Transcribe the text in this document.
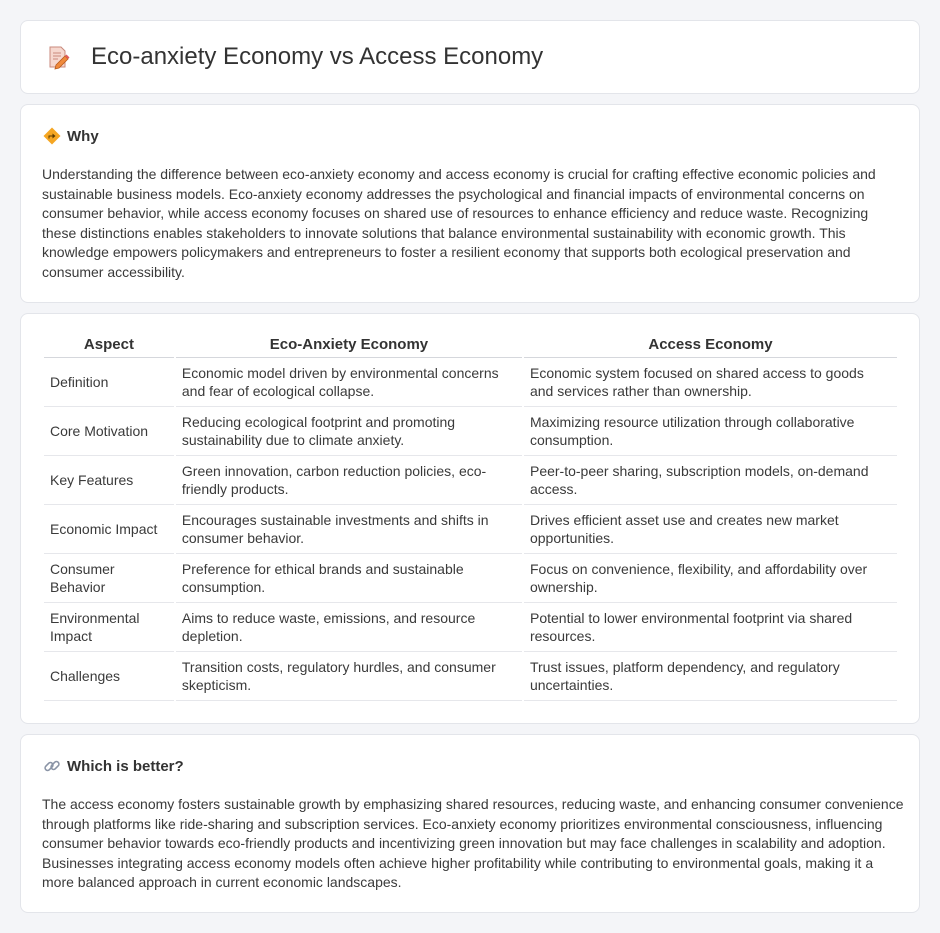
Eco-anxiety Economy vs Access Economy
Why

Understanding the difference between eco-anxiety economy and access economy is crucial for crafting effective economic policies and sustainable business models. Eco-anxiety economy addresses the psychological and financial impacts of environmental concerns on consumer behavior, while access economy focuses on shared use of resources to enhance efficiency and reduce waste. Recognizing these distinctions enables stakeholders to innovate solutions that balance environmental sustainability with economic growth. This knowledge empowers policymakers and entrepreneurs to foster a resilient economy that supports both ecological preservation and consumer accessibility.

Aspect	Eco-Anxiety Economy	Access Economy
Definition	Economic model driven by environmental concerns and fear of ecological collapse.	Economic system focused on shared access to goods and services rather than ownership.
Core Motivation	Reducing ecological footprint and promoting sustainability due to climate anxiety.	Maximizing resource utilization through collaborative consumption.
Key Features	Green innovation, carbon reduction policies, eco-friendly products.	Peer-to-peer sharing, subscription models, on-demand access.
Economic Impact	Encourages sustainable investments and shifts in consumer behavior.	Drives efficient asset use and creates new market opportunities.
Consumer Behavior	Preference for ethical brands and sustainable consumption.	Focus on convenience, flexibility, and affordability over ownership.
Environmental Impact	Aims to reduce waste, emissions, and resource depletion.	Potential to lower environmental footprint via shared resources.
Challenges	Transition costs, regulatory hurdles, and consumer skepticism.	Trust issues, platform dependency, and regulatory uncertainties.
Which is better?

The access economy fosters sustainable growth by emphasizing shared resources, reducing waste, and enhancing consumer convenience through platforms like ride-sharing and subscription services. Eco-anxiety economy prioritizes environmental consciousness, influencing consumer behavior towards eco-friendly products and incentivizing green innovation but may face challenges in scalability and adoption. Businesses integrating access economy models often achieve higher profitability while contributing to environmental goals, making it a more balanced approach in current economic landscapes.
